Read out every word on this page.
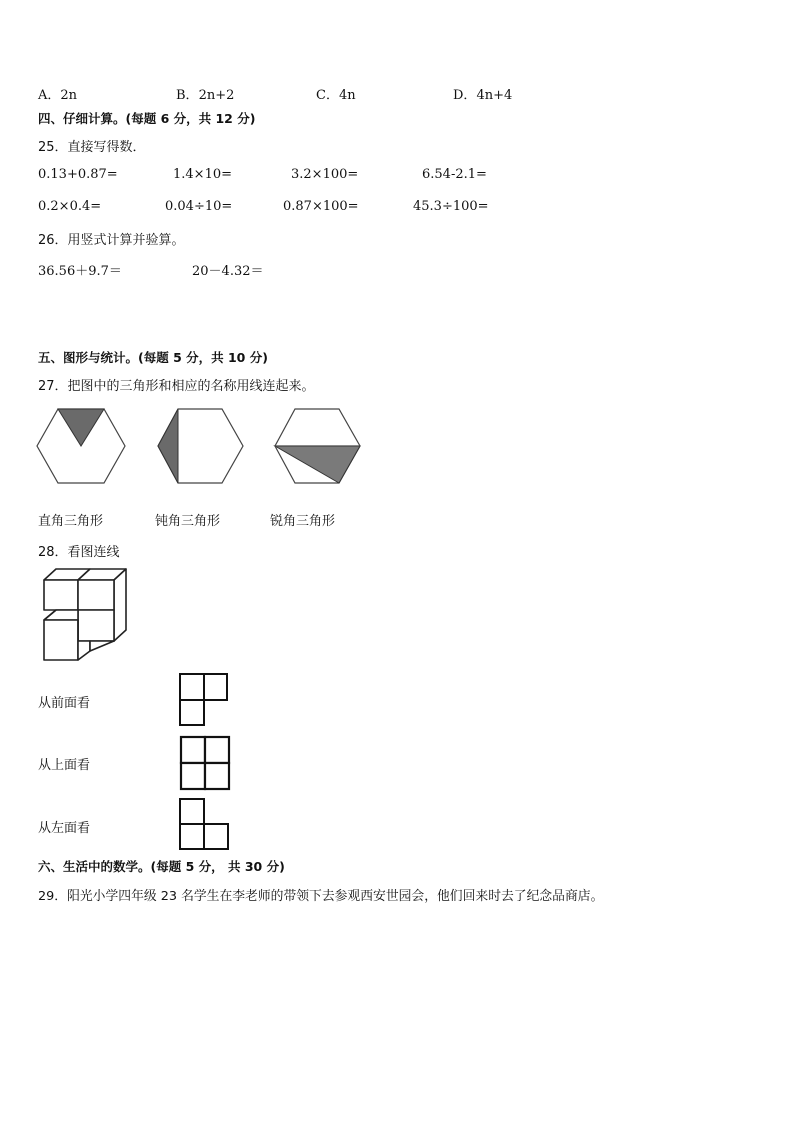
A．2n	B．2n+2	C．4n	D．4n+4
四、仔细计算。(每题 6 分，共 12 分)
25．直接写得数．
0.13+0.87=	1.4×10=	3.2×100=	6.54-2.1=
0.2×0.4=	0.04÷10=	0.87×100=	45.3÷100=
26．用竖式计算并验算。
36.56＋9.7＝	20－4.32＝
五、图形与统计。(每题 5 分，共 10 分)
27．把图中的三角形和相应的名称用线连起来。
直角三角形	钝角三角形	锐角三角形
28．看图连线
从前面看
从上面看
从左面看
六、生活中的数学。(每题 5 分， 共 30 分)
29．阳光小学四年级 23 名学生在李老师的带领下去参观西安世园会，他们回来时去了纪念品商店。
